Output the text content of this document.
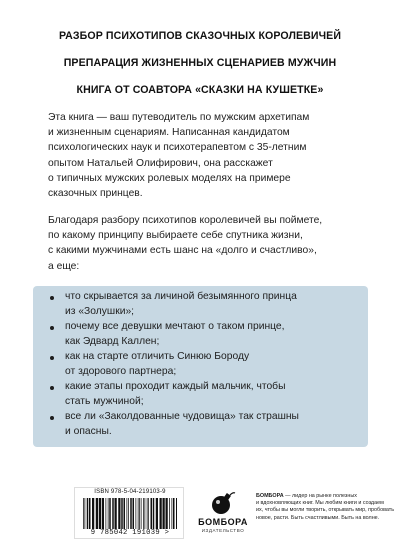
РАЗБОР ПСИХОТИПОВ СКАЗОЧНЫХ КОРОЛЕВИЧЕЙ
ПРЕПАРАЦИЯ ЖИЗНЕННЫХ СЦЕНАРИЕВ МУЖЧИН
КНИГА ОТ СОАВТОРА «СКАЗКИ НА КУШЕТКЕ»
Эта книга — ваш путеводитель по мужским архетипам
и жизненным сценариям. Написанная кандидатом
психологических наук и психотерапевтом с 35-летним
опытом Натальей Олифирович, она расскажет
о типичных мужских ролевых моделях на примере
сказочных принцев.
Благодаря разбору психотипов королевичей вы поймете,
по какому принципу выбираете себе спутника жизни,
с какими мужчинами есть шанс на «долго и счастливо»,
а еще:
что скрывается за личиной безымянного принца
из «Золушки»;
почему все девушки мечтают о таком принце,
как Эдвард Каллен;
как на старте отличить Синюю Бороду
от здорового партнера;
какие этапы проходит каждый мальчик, чтобы
стать мужчиной;
все ли «Заколдованные чудовища» так страшны
и опасны.
ISBN 978-5-04-219103-9
9 785042 191039 >
БОМБОРА
ИЗДАТЕЛЬСТВО
БОМБОРА — лидер на рынке полезных
и вдохновляющих книг. Мы любим книги и создаем
их, чтобы вы могли творить, открывать мир, пробовать
новое, расти. Быть счастливыми. Быть на волне.
